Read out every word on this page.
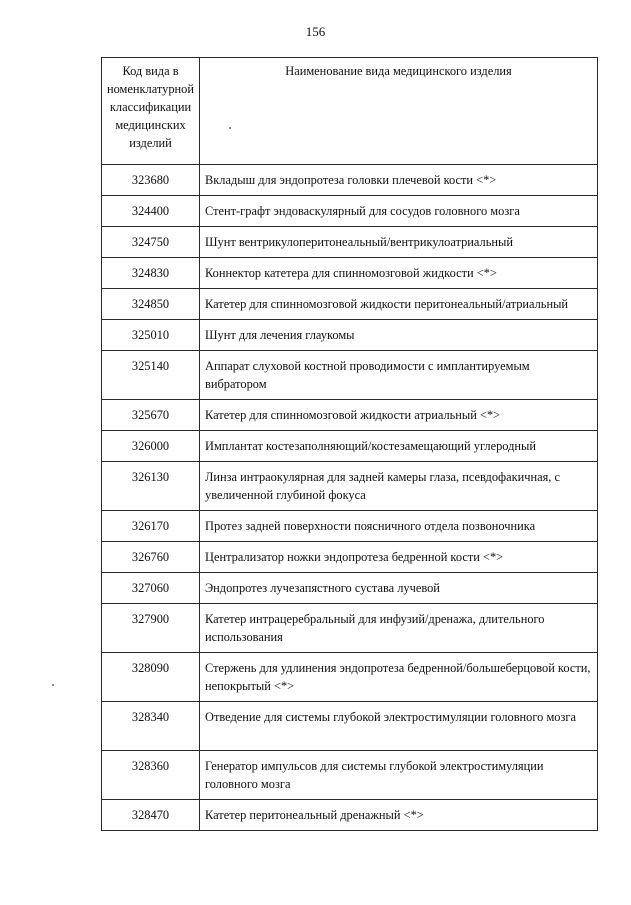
156
Код вида в номенклатурной классификации медицинских изделий	Наименование вида медицинского изделия
323680	Вкладыш для эндопротеза головки плечевой кости <*>
324400	Стент-графт эндоваскулярный для сосудов головного мозга
324750	Шунт вентрикулоперитонеальный/вентрикулоатриальный
324830	Коннектор катетера для спинномозговой жидкости <*>
324850	Катетер для спинномозговой жидкости перитонеальный/атриальный
325010	Шунт для лечения глаукомы
325140	Аппарат слуховой костной проводимости с имплантируемым вибратором
325670	Катетер для спинномозговой жидкости атриальный <*>
326000	Имплантат костезаполняющий/костезамещающий углеродный
326130	Линза интраокулярная для задней камеры глаза, псевдофакичная, с увеличенной глубиной фокуса
326170	Протез задней поверхности поясничного отдела позвоночника
326760	Централизатор ножки эндопротеза бедренной кости <*>
327060	Эндопротез лучезапястного сустава лучевой
327900	Катетер интрацеребральный для инфузий/дренажа, длительного использования
328090	Стержень для удлинения эндопротеза бедренной/большеберцовой кости, непокрытый <*>
328340	Отведение для системы глубокой электростимуляции головного мозга
328360	Генератор импульсов для системы глубокой электростимуляции головного мозга
328470	Катетер перитонеальный дренажный <*>
